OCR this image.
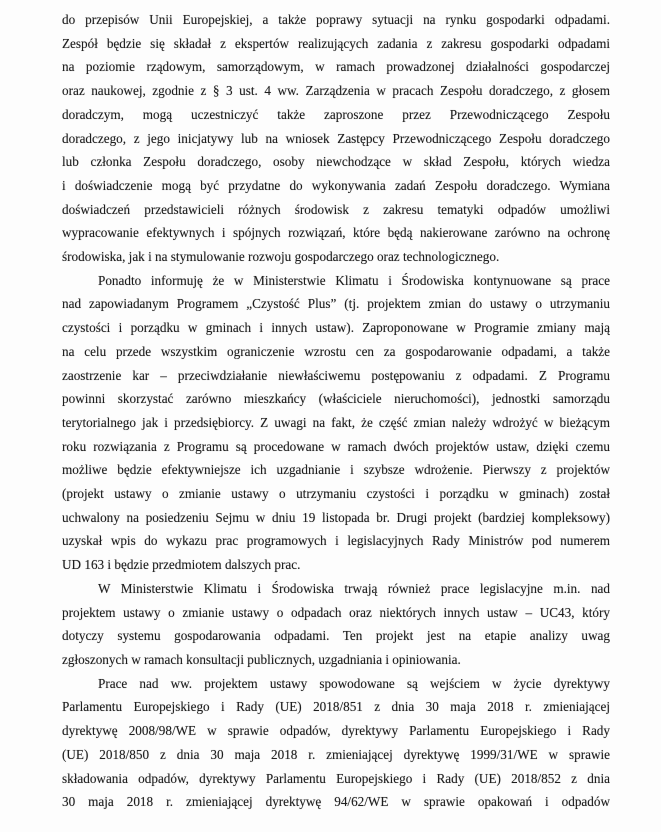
do przepisów Unii Europejskiej, a także poprawy sytuacji na rynku gospodarki odpadami.
Zespół będzie się składał z ekspertów realizujących zadania z zakresu gospodarki odpadami
na poziomie rządowym, samorządowym, w ramach prowadzonej działalności gospodarczej
oraz naukowej, zgodnie z § 3 ust. 4 ww. Zarządzenia w pracach Zespołu doradczego, z głosem
doradczym, mogą uczestniczyć także zaproszone przez Przewodniczącego Zespołu
doradczego, z jego inicjatywy lub na wniosek Zastępcy Przewodniczącego Zespołu doradczego
lub członka Zespołu doradczego, osoby niewchodzące w skład Zespołu, których wiedza
i doświadczenie mogą być przydatne do wykonywania zadań Zespołu doradczego. Wymiana
doświadczeń przedstawicieli różnych środowisk z zakresu tematyki odpadów umożliwi
wypracowanie efektywnych i spójnych rozwiązań, które będą nakierowane zarówno na ochronę
środowiska, jak i na stymulowanie rozwoju gospodarczego oraz technologicznego.
Ponadto informuję że w Ministerstwie Klimatu i Środowiska kontynuowane są prace
nad zapowiadanym Programem „Czystość Plus” (tj. projektem zmian do ustawy o utrzymaniu
czystości i porządku w gminach i innych ustaw). Zaproponowane w Programie zmiany mają
na celu przede wszystkim ograniczenie wzrostu cen za gospodarowanie odpadami, a także
zaostrzenie kar – przeciwdziałanie niewłaściwemu postępowaniu z odpadami. Z Programu
powinni skorzystać zarówno mieszkańcy (właściciele nieruchomości), jednostki samorządu
terytorialnego jak i przedsiębiorcy. Z uwagi na fakt, że część zmian należy wdrożyć w bieżącym
roku rozwiązania z Programu są procedowane w ramach dwóch projektów ustaw, dzięki czemu
możliwe będzie efektywniejsze ich uzgadnianie i szybsze wdrożenie. Pierwszy z projektów
(projekt ustawy o zmianie ustawy o utrzymaniu czystości i porządku w gminach) został
uchwalony na posiedzeniu Sejmu w dniu 19 listopada br. Drugi projekt (bardziej kompleksowy)
uzyskał wpis do wykazu prac programowych i legislacyjnych Rady Ministrów pod numerem
UD 163 i będzie przedmiotem dalszych prac.
W Ministerstwie Klimatu i Środowiska trwają również prace legislacyjne m.in. nad
projektem ustawy o zmianie ustawy o odpadach oraz niektórych innych ustaw – UC43, który
dotyczy systemu gospodarowania odpadami. Ten projekt jest na etapie analizy uwag
zgłoszonych w ramach konsultacji publicznych, uzgadniania i opiniowania.
Prace nad ww. projektem ustawy spowodowane są wejściem w życie dyrektywy
Parlamentu Europejskiego i Rady (UE) 2018/851 z dnia 30 maja 2018 r. zmieniającej
dyrektywę 2008/98/WE w sprawie odpadów, dyrektywy Parlamentu Europejskiego i Rady
(UE) 2018/850 z dnia 30 maja 2018 r. zmieniającej dyrektywę 1999/31/WE w sprawie
składowania odpadów, dyrektywy Parlamentu Europejskiego i Rady (UE) 2018/852 z dnia
30 maja 2018 r. zmieniającej dyrektywę 94/62/WE w sprawie opakowań i odpadów
